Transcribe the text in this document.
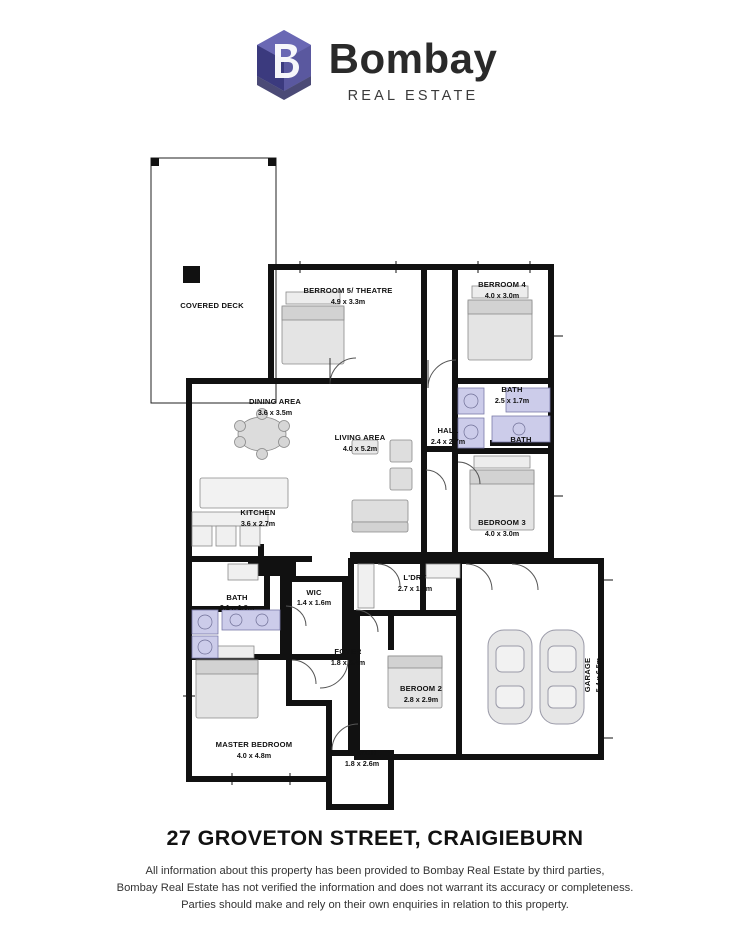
Bombay
REAL ESTATE
COVERED DECK
BERROOM 5/ THEATRE
4.9 x 3.3m
BERROOM 4
4.0 x 3.0m
BATH
2.5 x 1.7m
BATH
HALL
2.4 x 2.7m
DINING AREA
3.6 x 3.5m
LIVING AREA
4.0 x 5.2m
KITCHEN
3.6 x 2.7m	BEDROOM 3
4.0 x 3.0m
L'DRY
2.7 x 1.8m
WIC
1.4 x 1.6m
BATH
3.1 x 1.8m
FOYER
1.8 x 5.4m
BEROOM 2
2.8 x 2.9m
MASTER BEDROOM
4.0 x 4.8m	PORCH
1.8 x 2.6m
GARAGE 5.4 x 6.5m
27 GROVETON STREET, CRAIGIEBURN
All information about this property has been provided to Bombay Real Estate by third parties,
Bombay Real Estate has not verified the information and does not warrant its accuracy or completeness.
Parties should make and rely on their own enquiries in relation to this property.
